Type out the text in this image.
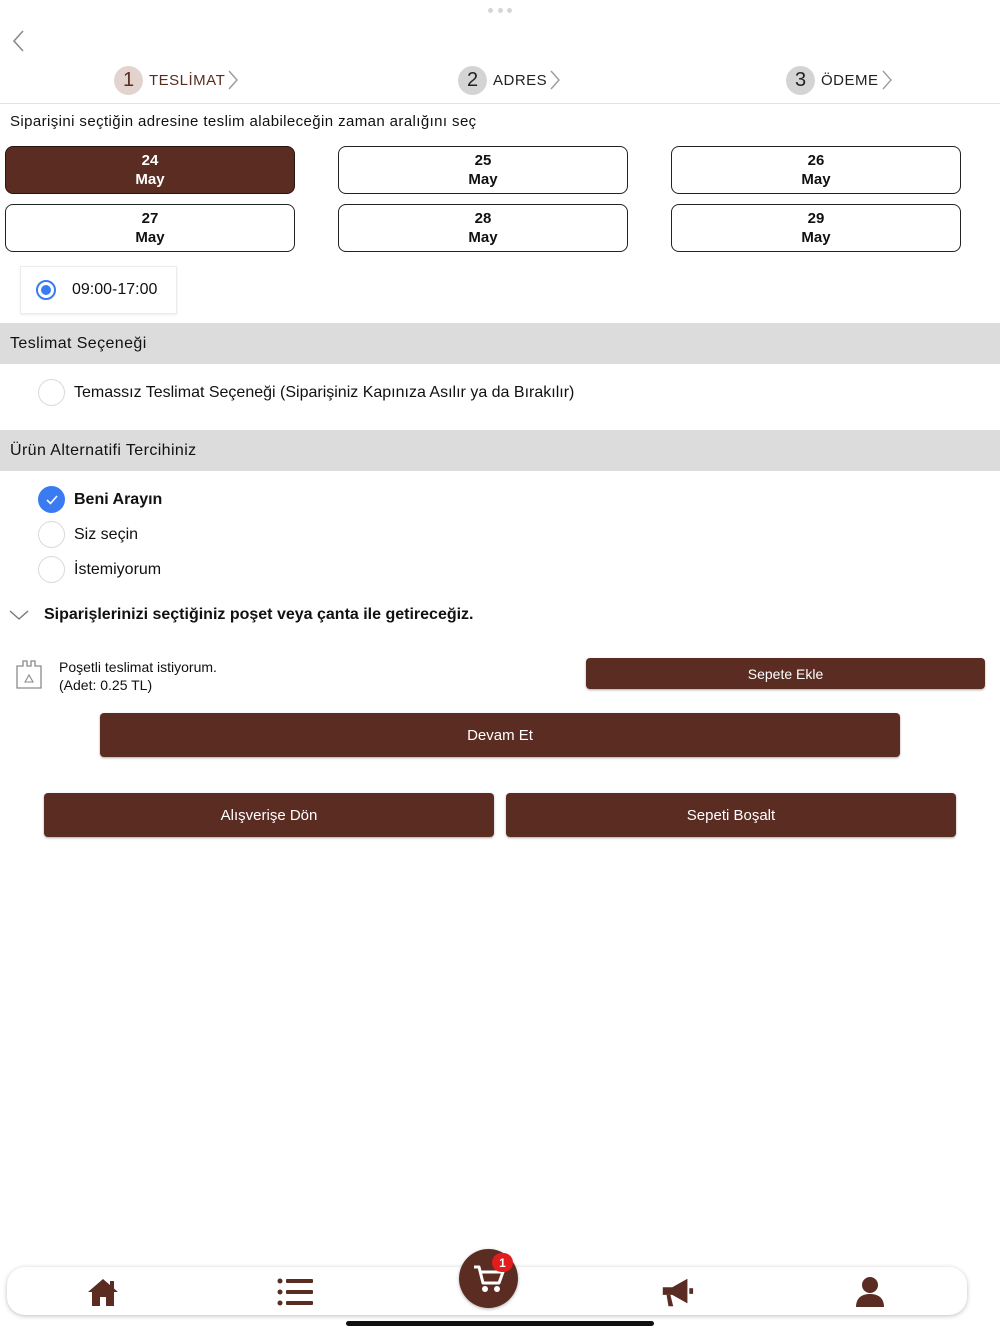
1 TESLİMAT	2 ADRES	3 ÖDEME
Siparişini seçtiğin adresine teslim alabileceğin zaman aralığını seç
24
May
25
May
26
May
27
May
28
May
29
May
09:00-17:00
Teslimat Seçeneği
Temassız Teslimat Seçeneği (Siparişiniz Kapınıza Asılır ya da Bırakılır)
Ürün Alternatifi Tercihiniz
Beni Arayın
Siz seçin
İstemiyorum
Siparişlerinizi seçtiğiniz poşet veya çanta ile getireceğiz.
Poşetli teslimat istiyorum.
(Adet: 0.25 TL)
Sepete Ekle
Devam Et
Alışverişe Dön	Sepeti Boşalt
1
